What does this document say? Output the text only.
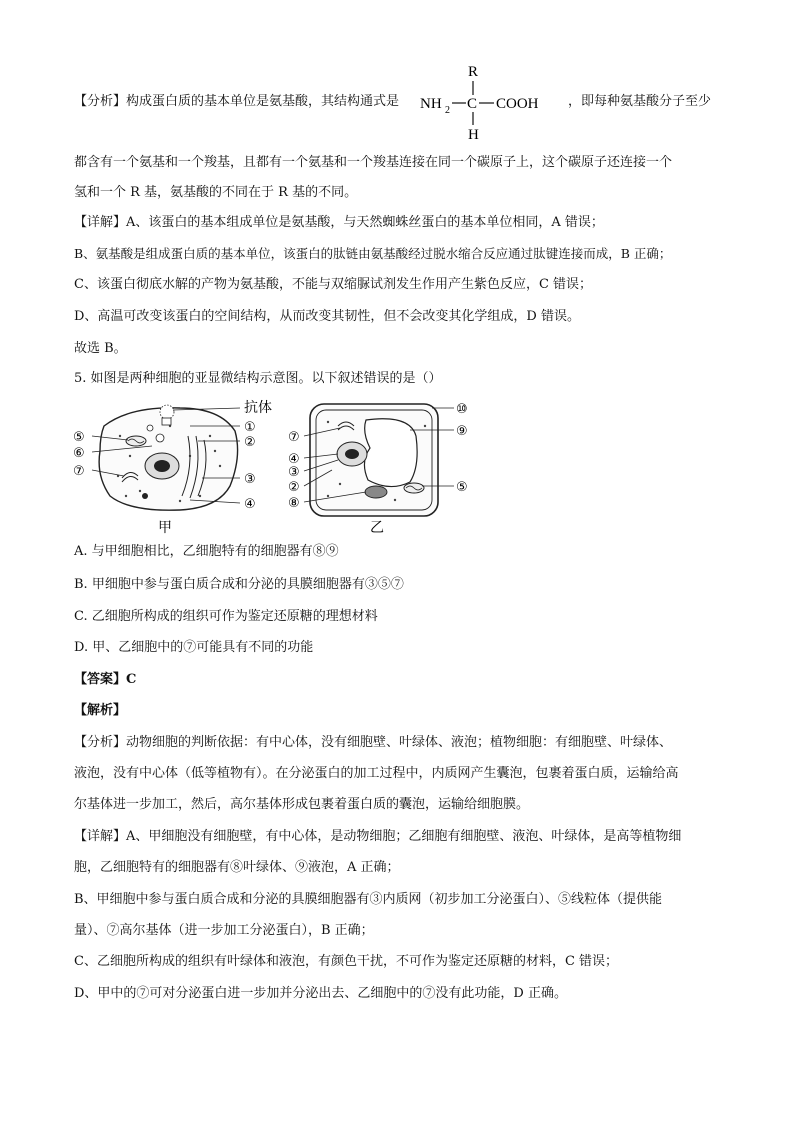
【分析】构成蛋白质的基本单位是氨基酸，其结构通式是	，即每种氨基酸分子至少
R
NH 2 C COOH
H
都含有一个氨基和一个羧基，且都有一个氨基和一个羧基连接在同一个碳原子上，这个碳原子还连接一个
氢和一个 R 基，氨基酸的不同在于 R 基的不同。
【详解】A、该蛋白的基本组成单位是氨基酸，与天然蜘蛛丝蛋白的基本单位相同，A 错误；
B、氨基酸是组成蛋白质的基本单位，该蛋白的肽链由氨基酸经过脱水缩合反应通过肽键连接而成，B 正确；
C、该蛋白彻底水解的产物为氨基酸，不能与双缩脲试剂发生作用产生紫色反应，C 错误；
D、高温可改变该蛋白的空间结构，从而改变其韧性，但不会改变其化学组成，D 错误。
故选 B。
5. 如图是两种细胞的亚显微结构示意图。以下叙述错误的是（）
抗体
①
②
③
④
⑤
⑥
⑦
甲
⑩
⑨
⑤
⑦
④
③
②
⑧
乙
A. 与甲细胞相比，乙细胞特有的细胞器有⑧⑨
B. 甲细胞中参与蛋白质合成和分泌的具膜细胞器有③⑤⑦
C. 乙细胞所构成的组织可作为鉴定还原糖的理想材料
D. 甲、乙细胞中的⑦可能具有不同的功能
【答案】C
【解析】
【分析】动物细胞的判断依据：有中心体，没有细胞壁、叶绿体、液泡；植物细胞：有细胞壁、叶绿体、
液泡，没有中心体（低等植物有）。在分泌蛋白的加工过程中，内质网产生囊泡，包裹着蛋白质，运输给高
尔基体进一步加工，然后，高尔基体形成包裹着蛋白质的囊泡，运输给细胞膜。
【详解】A、甲细胞没有细胞壁，有中心体，是动物细胞；乙细胞有细胞壁、液泡、叶绿体，是高等植物细
胞，乙细胞特有的细胞器有⑧叶绿体、⑨液泡，A 正确；
B、甲细胞中参与蛋白质合成和分泌的具膜细胞器有③内质网（初步加工分泌蛋白）、⑤线粒体（提供能
量）、⑦高尔基体（进一步加工分泌蛋白），B 正确；
C、乙细胞所构成的组织有叶绿体和液泡，有颜色干扰，不可作为鉴定还原糖的材料，C 错误；
D、甲中的⑦可对分泌蛋白进一步加并分泌出去、乙细胞中的⑦没有此功能，D 正确。
